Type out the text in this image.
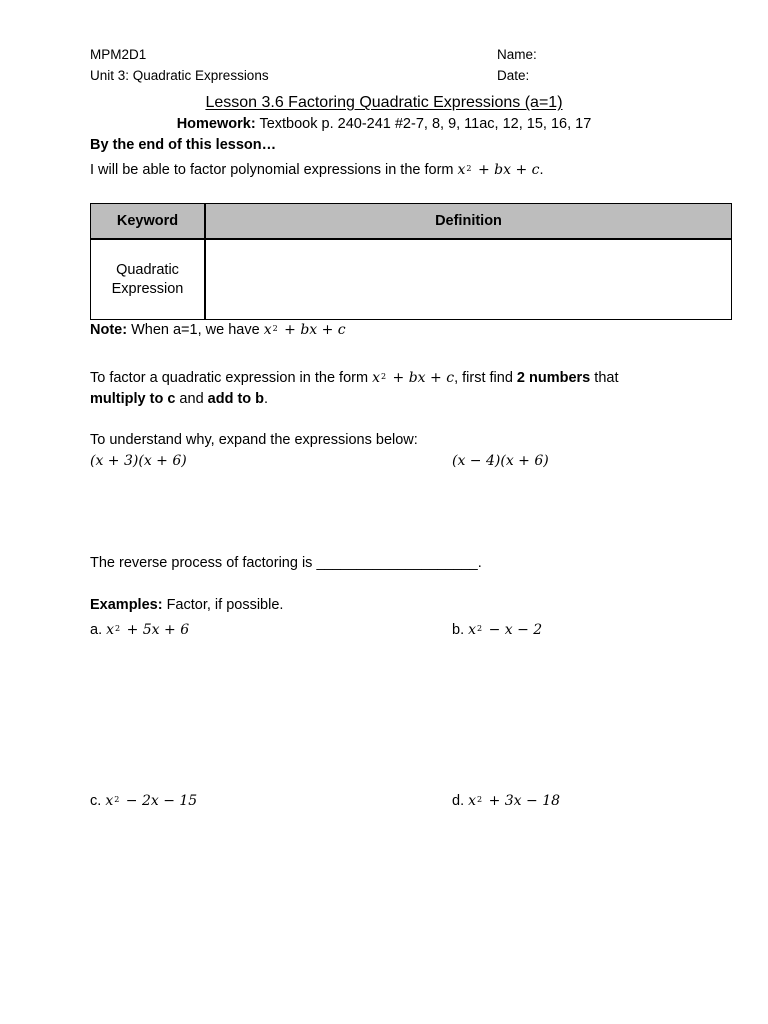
MPM2D1
Unit 3: Quadratic Expressions
Name:
Date:
Lesson 3.6 Factoring Quadratic Expressions (a=1)
Homework: Textbook p. 240-241 #2-7, 8, 9, 11ac, 12, 15, 16, 17
By the end of this lesson…
I will be able to factor polynomial expressions in the form $x^2$ + bx + c.
Keyword	Definition
Quadratic Expression	
Note: When a=1, we have $x^2$ + bx + c
To factor a quadratic expression in the form $x^2$ + bx + c, first find 2 numbers that
multiply to c and add to b.
To understand why, expand the expressions below:
(x + 3)(x + 6)	(x − 4)(x + 6)
The reverse process of factoring is ____________________.
Examples: Factor, if possible.
a. $x^2 + 5x + 6$	b. $x^2 - x - 2$
c. $x^2 - 2x - 15$	d. $x^2 + 3x - 18$
